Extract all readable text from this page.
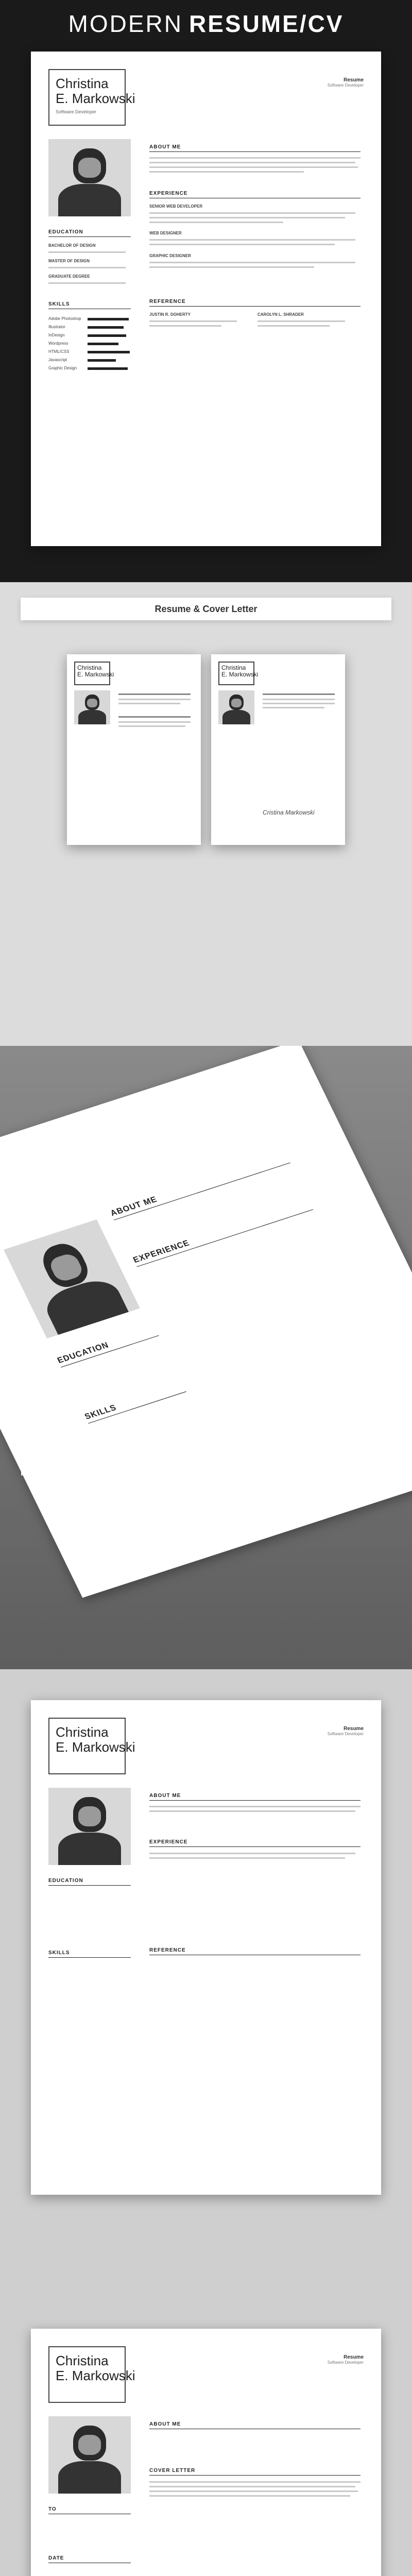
MODERN RESUME/CV
Christina
E. Markowski
Software Developer
Resume
Software Developer
EDUCATION
BACHELOR OF DESIGN
MASTER OF DESIGN
GRADUATE DEGREE
SKILLS
Adobe Photoshop
Illustrator
InDesign
Wordpress
HTML/CSS
Javascript
Graphic Design
ABOUT ME
EXPERIENCE
SENIOR WEB DEVELOPER
WEB DESIGNER
GRAPHIC DESIGNER
REFERENCE
JUSTIN R. DOHERTY	CAROLYN L. SHRADER
Resume & Cover Letter
Christina
E. Markowski
Christina
E. Markowski
Cristina Markowski
ABOUT ME
EXPERIENCE
EDUCATION
SKILLS
VERY EASY TO
CUSTOMIZE
FOR YOUR NEEDS
Christina
E. Markowski
Resume
Software Developer
EDUCATION
SKILLS
ABOUT ME
EXPERIENCE
REFERENCE
Christina
E. Markowski
Resume
Software Developer
TO
DATE
ABOUT ME
COVER LETTER
